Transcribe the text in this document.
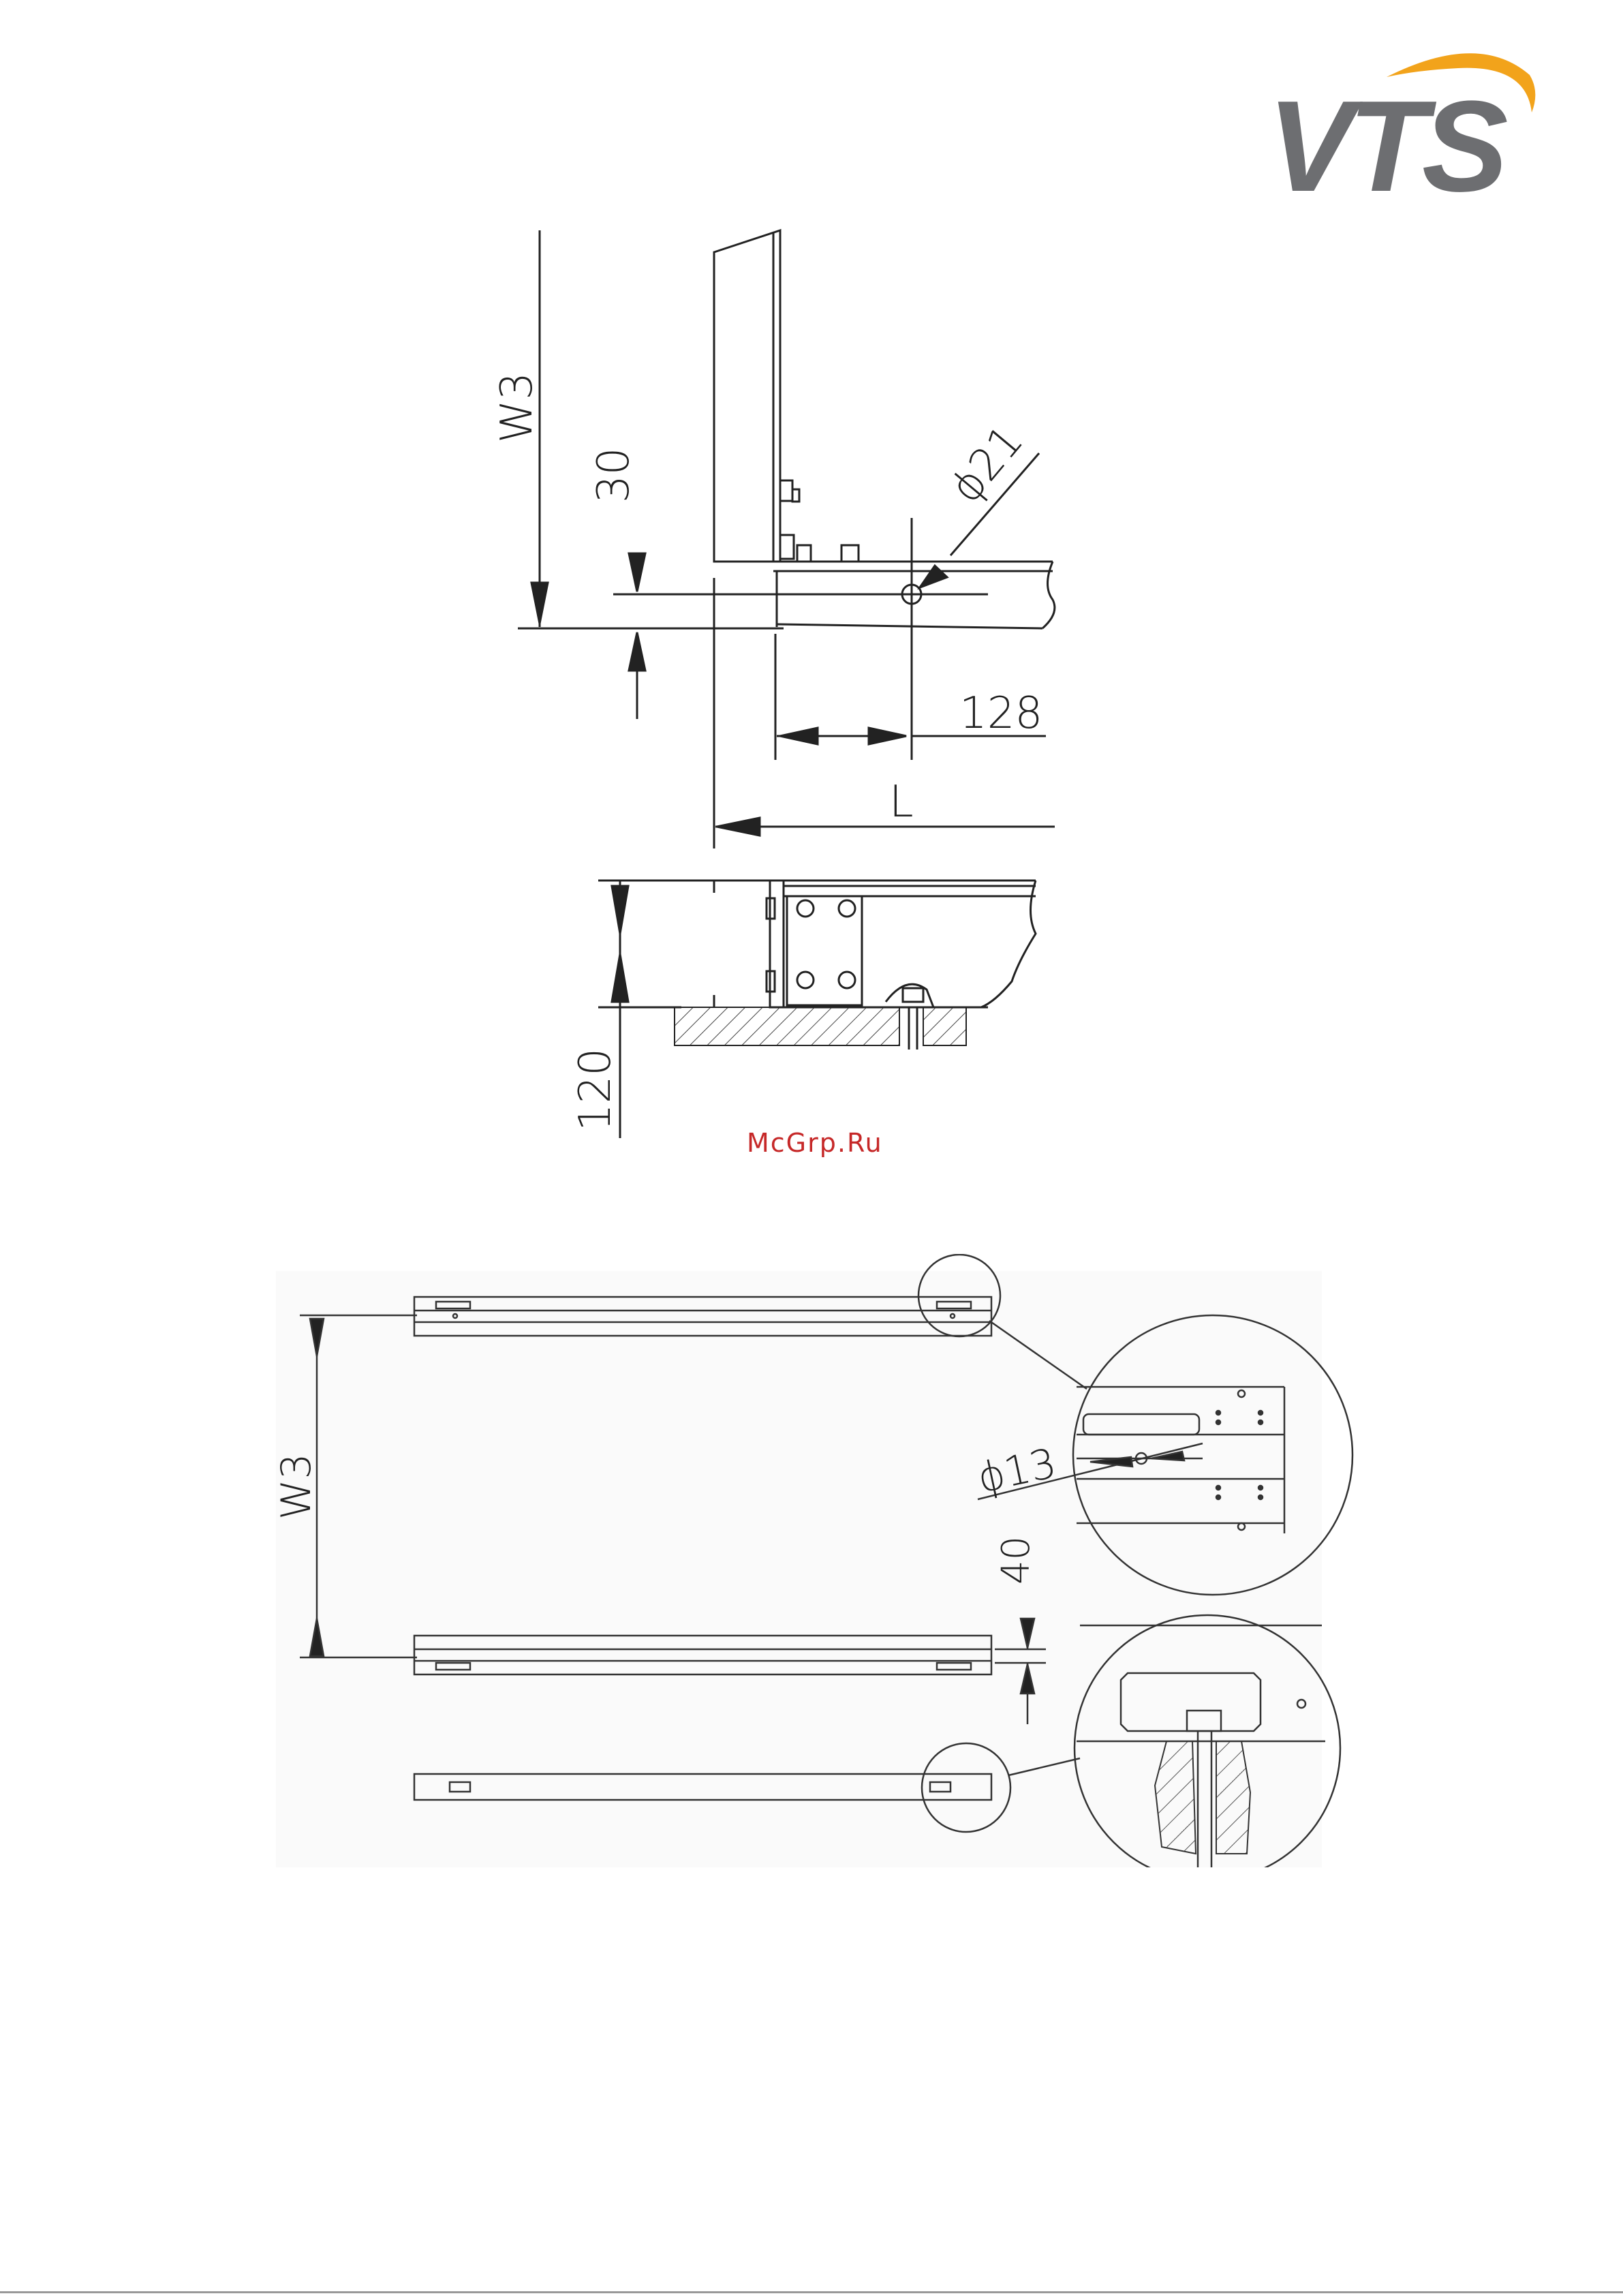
VTS
W3
30	ϕ21
128
L
120
McGrp.Ru
W3	ϕ13
40
